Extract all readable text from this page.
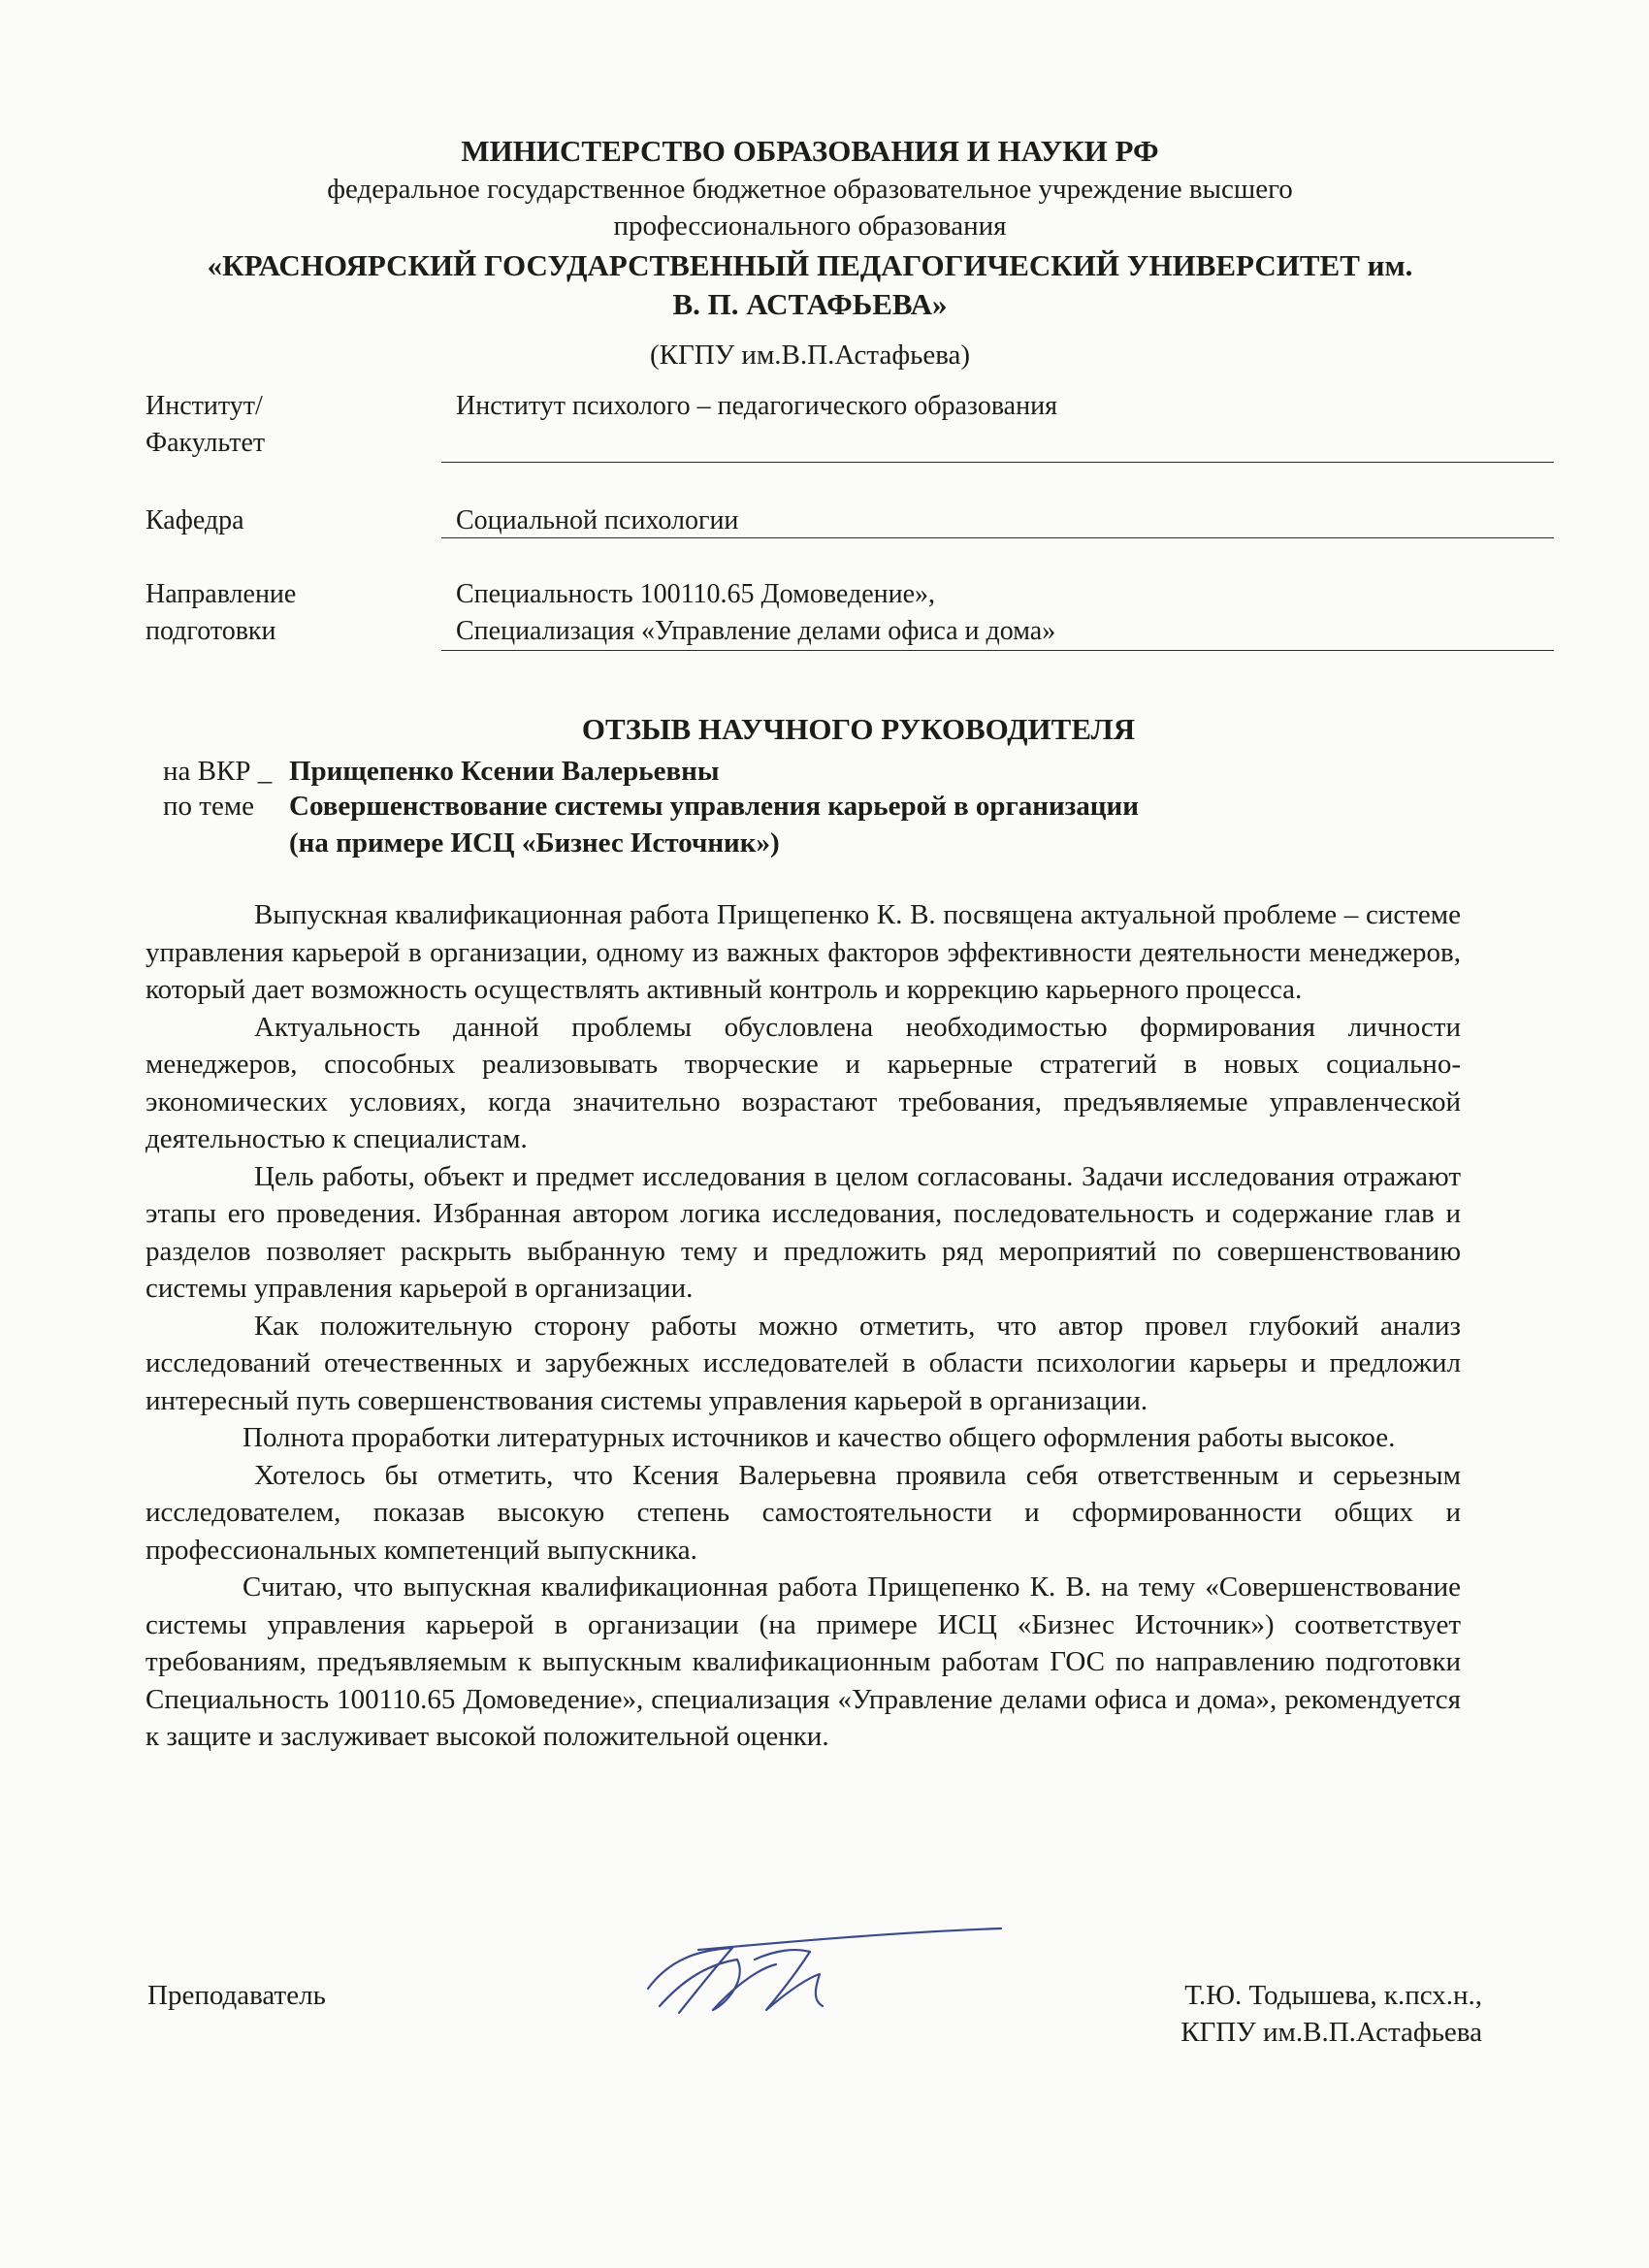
МИНИСТЕРСТВО ОБРАЗОВАНИЯ И НАУКИ РФ
федеральное государственное бюджетное образовательное учреждение высшего
профессионального образования
«КРАСНОЯРСКИЙ ГОСУДАРСТВЕННЫЙ ПЕДАГОГИЧЕСКИЙ УНИВЕРСИТЕТ им.
В. П. АСТАФЬЕВА»
(КГПУ им.В.П.Астафьева)
Институт/
Факультет
Институт психолого – педагогического образования
Кафедра	Социальной психологии
Направление
подготовки
Специальность 100110.65 Домоведение»,
Специализация «Управление делами офиса и дома»
ОТЗЫВ НАУЧНОГО РУКОВОДИТЕЛЯ
на ВКР _ Прищепенко Ксении Валерьевны
по теме Совершенствование системы управления карьерой в организации
(на примере ИСЦ «Бизнес Источник»)

Выпускная квалификационная работа Прищепенко К. В. посвящена актуальной проблеме – системе управления карьерой в организации, одному из важных факторов эффективности деятельности менеджеров, который дает возможность осуществлять активный контроль и коррекцию карьерного процесса.

Актуальность данной проблемы обусловлена необходимостью формирования личности менеджеров, способных реализовывать творческие и карьерные стратегий в новых социально-экономических условиях, когда значительно возрастают требования, предъявляемые управленческой деятельностью к специалистам.

Цель работы, объект и предмет исследования в целом согласованы. Задачи исследования отражают этапы его проведения. Избранная автором логика исследования, последовательность и содержание глав и разделов позволяет раскрыть выбранную тему и предложить ряд мероприятий по совершенствованию системы управления карьерой в организации.

Как положительную сторону работы можно отметить, что автор провел глубокий анализ исследований отечественных и зарубежных исследователей в области психологии карьеры и предложил интересный путь совершенствования системы управления карьерой в организации.

Полнота проработки литературных источников и качество общего оформления работы высокое.

Хотелось бы отметить, что Ксения Валерьевна проявила себя ответственным и серьезным исследователем, показав высокую степень самостоятельности и сформированности общих и профессиональных компетенций выпускника.

Считаю, что выпускная квалификационная работа Прищепенко К. В. на тему «Совершенствование системы управления карьерой в организации (на примере ИСЦ «Бизнес Источник») соответствует требованиям, предъявляемым к выпускным квалификационным работам ГОС по направлению подготовки Специальность 100110.65 Домоведение», специализация «Управление делами офиса и дома», рекомендуется к защите и заслуживает высокой положительной оценки.

Преподаватель	Т.Ю. Тодышева, к.псх.н.,
КГПУ им.В.П.Астафьева
